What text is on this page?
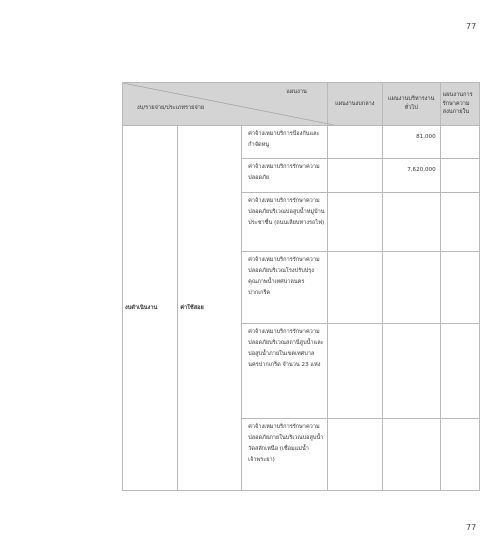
77
แผนงาน
งบ/รายจ่าย/ประเภทรายจ่าย			แผนงานงบกลาง	แผนงานบริหารงานทั่วไป	แผนงานการรักษาความสงบภายใน
งบดำเนินงาน	ค่าใช้สอย	ค่าจ้างเหมาบริการป้องกันและกำจัดหนู		81,000	
		ค่าจ้างเหมาบริการรักษาความปลอดภัย		7,620,000	
		ค่าจ้างเหมาบริการรักษาความปลอดภัยบริเวณบ่อสูบน้ำหมู่บ้านประชาชื่น (ถนนเลียบทางรถไฟ)			
		ค่าจ้างเหมาบริการรักษาความปลอดภัยบริเวณโรงปรับปรุงคุณภาพน้ำเทศบาลนครปากเกร็ด			
		ค่าจ้างเหมาบริการรักษาความปลอดภัยบริเวณสถานีสูบน้ำและบ่อสูบน้ำภายในเขตเทศบาลนครปากเกร็ด จำนวน 23 แห่ง			
		ค่าจ้างเหมาบริการรักษาความปลอดภัยภายในบริเวณบ่อสูบน้ำวัดสลักเหนือ (เชื่อมแม่น้ำเจ้าพระยา)			
77
